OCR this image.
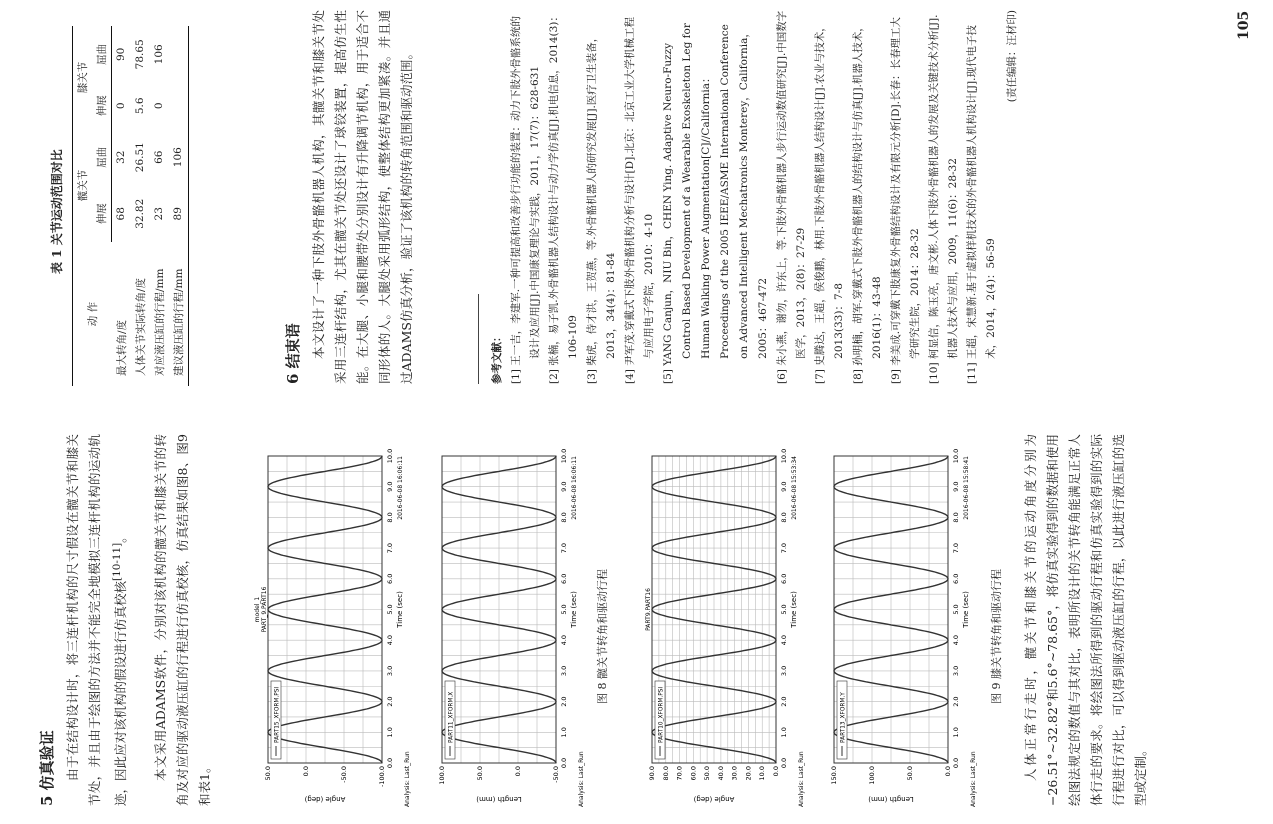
5 仿真验证 由于在结构设计时，将三连杆机构的尺寸假设在髋关节和膝关节处，并且由于绘图的方法并不能完全地模拟三连杆机构的运动轨迹，因此应对该机构的假设进行仿真校核[10-11]。	本文采用ADAMS软件，分别对该机构的髋关节和膝关节的转角及对应的驱动液压缸的行程进行仿真校核，仿真结果如图8、图9和表1。	0.0
1.0
2.0
3.0
4.0
5.0
6.0
7.0
8.0
9.0
10.0
-100.0
-50.0
0.0
50.0
Time (sec)
Angle (deg)
2016-06-08 16:06:11
Analysis: Last_Run
model_1 PART_9.PART16
PART15_XFORM.PSI
0.0
1.0
2.0
3.0
4.0
5.0
6.0
7.0
8.0
9.0
10.0
-50.0
0.0
50.0
100.0
Time (sec)
Length (mm)
2016-06-08 16:06:11
Analysis: Last_Run
PART11_XFORM.X
图 8 髋关节转角和驱动行程
0.0
1.0
2.0
3.0
4.0
5.0
6.0
7.0
8.0
9.0
10.0
0.0
10.0
20.0
30.0
40.0
50.0
60.0
70.0
80.0
90.0
Time (sec)
Angle (deg)
2016-06-08 15:53:34
Analysis: Last_Run
PART9.PART16
PART10_XFORM.PSI
0.0
1.0
2.0
3.0
4.0
5.0
6.0
7.0
8.0
9.0
10.0
0.0
50.0
100.0
150.0
Time (sec)
Length (mm)
2016-06-08 15:58:41
Analysis: Last_Run
PART13_XFORM.Y
图 9 膝关节转角和驱动行程 人体正常行走时，髋关节和膝关节的运动角度分别为−26.51°∼32.82°和5.6°∼78.65°，将仿真实验得到的数据和使用绘图法规定的数值与其对比，表明所设计的关节转角能满足正常人体行走的要求。将绘图法所得到的驱动行程和仿真实验得到的实际行程进行对比，可以得到驱动液压缸的行程，以此进行液压缸的选型或定制。

表 1 关节运动范围对比
动 作	髋关节		膝关节	
	伸展	屈曲	伸展	屈曲
最大转角/度	68	32	0	90
人体关节实际转角/度	32.82	26.51	5.6	78.65
对应液压缸的行程/mm	23	66	0	106
建议液压缸的行程/mm	89	106		
6 结束语 本文设计了一种下肢外骨骼机器人机构，其髋关节和膝关节处采用三连杆结构，尤其在髋关节处还设计了球铰装置，提高仿生性能。在大腿、小腿和腰带处分别设计有升降调节机构，用于适合不同形体的人。大腿处采用弧形结构，使整体结构更加紧凑。并且通过ADAMS仿真分析，验证了该机构的转角范围和驱动范围。	参考文献： [1] 王一吉，李建军.一种可提高和改善步行功能的装置：动力下肢外骨骼系统的设计及应用[J].中国康复理论与实践，2011，17(7)：628-631 [2] 张楠，易子凯.外骨骼机器人结构设计与动力学仿真[J].机电信息，2014(3)：106-109 [3] 柴虎，侍才洪，王贺燕，等.外骨骼机器人的研究发展[J].医疗卫生装备，2013，34(4)：81-84 [4] 尹军茂.穿戴式下肢外骨骼机构分析与设计[D].北京：北京工业大学机械工程与应用电子学院，2010：4-10 [5] YANG Canjun，NIU Bin，CHEN Ying. Adaptive Neuro-Fuzzy Control Based Development of a Wearable Exoskeleton Leg for Human Walking Power Augmentation[C]//California：Proceedings of the 2005 IEEE/ASME International Conference on Advanced Intelligent Mechatronics Monterey，California，2005：467-472 [6] 朱小燕，谢勿，许东上，等.下肢外骨骼机器人步行运动数值研究[J].中国数字医学，2013，2(8)：27-29 [7] 史腾达，王超，侯俊鹏，林用.下肢外骨骼机器人结构设计[J].农业与技术，2013(33)：7-8 [8] 孙明楠，胡军.穿戴式下肢外骨骼机器人的结构设计与仿真[J].机器人技术，2016(1)：43-48 [9] 李美成.可穿戴下肢康复外骨骼结构设计及有限元分析[D].长春：长春理工大学研究生院，2014：28-32 [10] 柯显信，陈玉亮，唐文彬.人体下肢外骨骼机器人的发展及关键技术分析[J].机器人技术与应用，2009，11(6)：28-32 [11] 王超，宋慧新.基于虚拟样机技术的外骨骼机器人机构设计[J].现代电子技术，2014，2(4)：56-59

(责任编辑：汪材印)	105
